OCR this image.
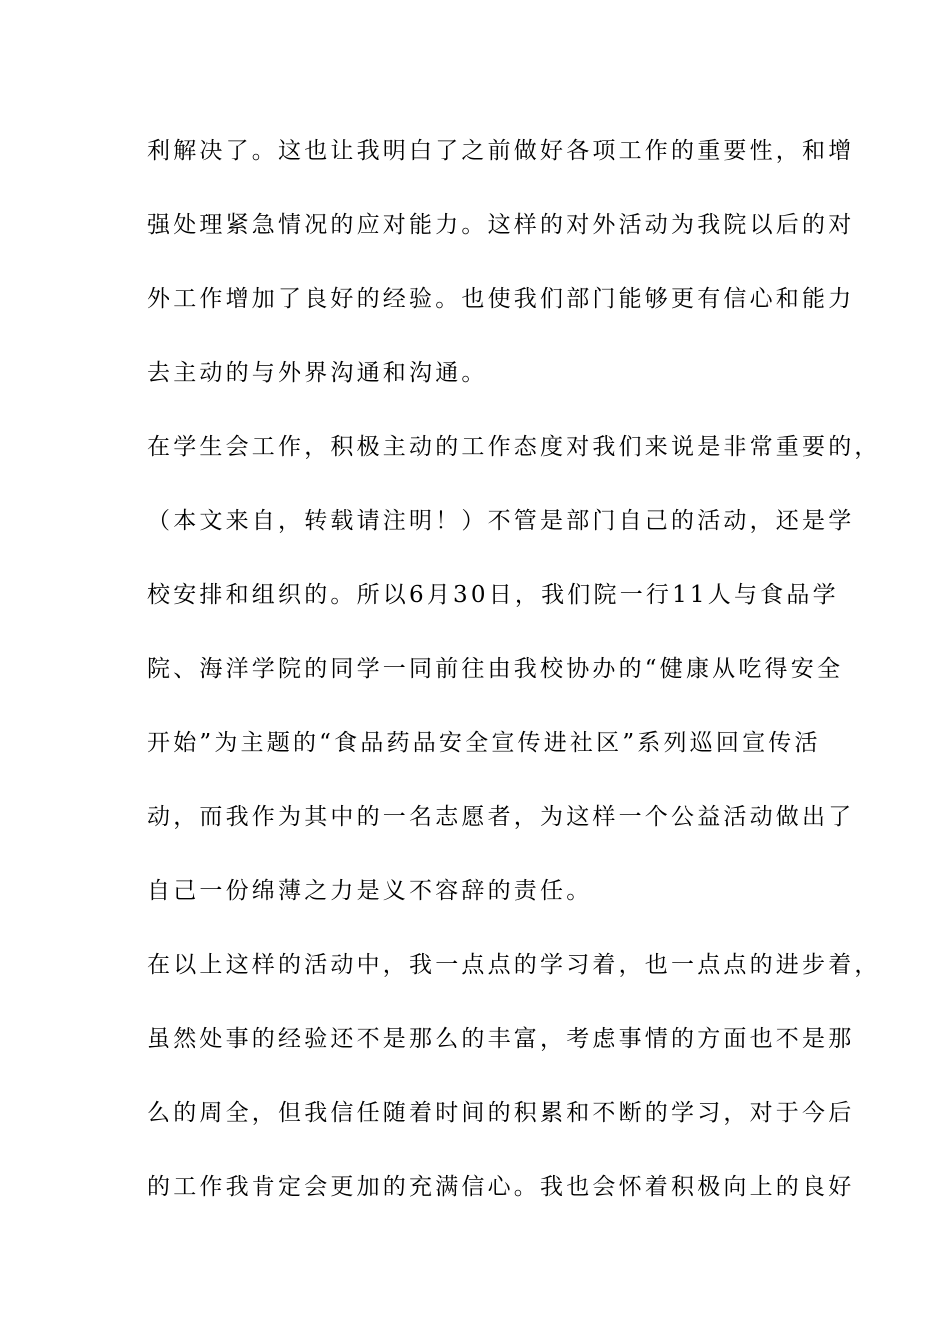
利解决了。这也让我明白了之前做好各项工作的重要性，和增
强处理紧急情况的应对能力。这样的对外活动为我院以后的对
外工作增加了良好的经验。也使我们部门能够更有信心和能力
去主动的与外界沟通和沟通。
在学生会工作，积极主动的工作态度对我们来说是非常重要的，
（本文来自，转载请注明！）不管是部门自己的活动，还是学
校安排和组织的。所以6月30日，我们院一行11人与食品学
院、海洋学院的同学一同前往由我校协办的“健康从吃得安全
开始”为主题的“食品药品安全宣传进社区”系列巡回宣传活
动，而我作为其中的一名志愿者，为这样一个公益活动做出了
自己一份绵薄之力是义不容辞的责任。
在以上这样的活动中，我一点点的学习着，也一点点的进步着，
虽然处事的经验还不是那么的丰富，考虑事情的方面也不是那
么的周全，但我信任随着时间的积累和不断的学习，对于今后
的工作我肯定会更加的充满信心。我也会怀着积极向上的良好
